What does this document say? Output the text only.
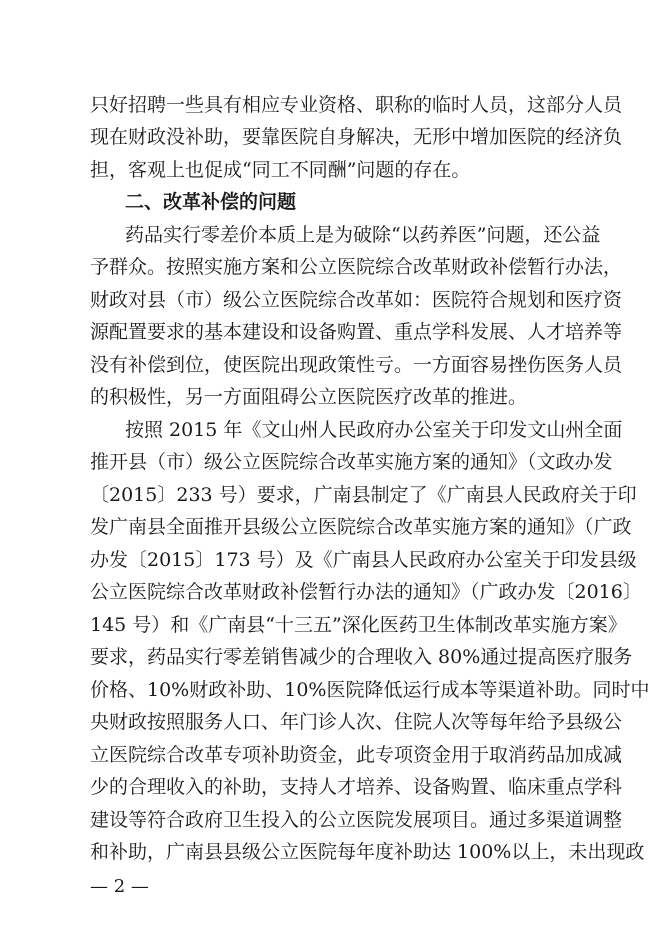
只好招聘一些具有相应专业资格、职称的临时人员，这部分人员
现在财政没补助，要靠医院自身解决，无形中增加医院的经济负
担，客观上也促成“同工不同酬”问题的存在。
二、改革补偿的问题
药品实行零差价本质上是为破除“以药养医”问题，还公益
予群众。按照实施方案和公立医院综合改革财政补偿暂行办法，
财政对县（市）级公立医院综合改革如：医院符合规划和医疗资
源配置要求的基本建设和设备购置、重点学科发展、人才培养等
没有补偿到位，使医院出现政策性亏。一方面容易挫伤医务人员
的积极性，另一方面阻碍公立医院医疗改革的推进。
按照 2015 年《文山州人民政府办公室关于印发文山州全面
推开县（市）级公立医院综合改革实施方案的通知》（文政办发
〔2015〕233 号）要求，广南县制定了《广南县人民政府关于印
发广南县全面推开县级公立医院综合改革实施方案的通知》（广政
办发〔2015〕173 号）及《广南县人民政府办公室关于印发县级
公立医院综合改革财政补偿暂行办法的通知》（广政办发〔2016〕
145 号）和《广南县“十三五”深化医药卫生体制改革实施方案》
要求，药品实行零差销售减少的合理收入 80%通过提高医疗服务
价格、10%财政补助、10%医院降低运行成本等渠道补助。同时中
央财政按照服务人口、年门诊人次、住院人次等每年给予县级公
立医院综合改革专项补助资金，此专项资金用于取消药品加成减
少的合理收入的补助，支持人才培养、设备购置、临床重点学科
建设等符合政府卫生投入的公立医院发展项目。通过多渠道调整
和补助，广南县县级公立医院每年度补助达 100%以上，未出现政
— 2 —
